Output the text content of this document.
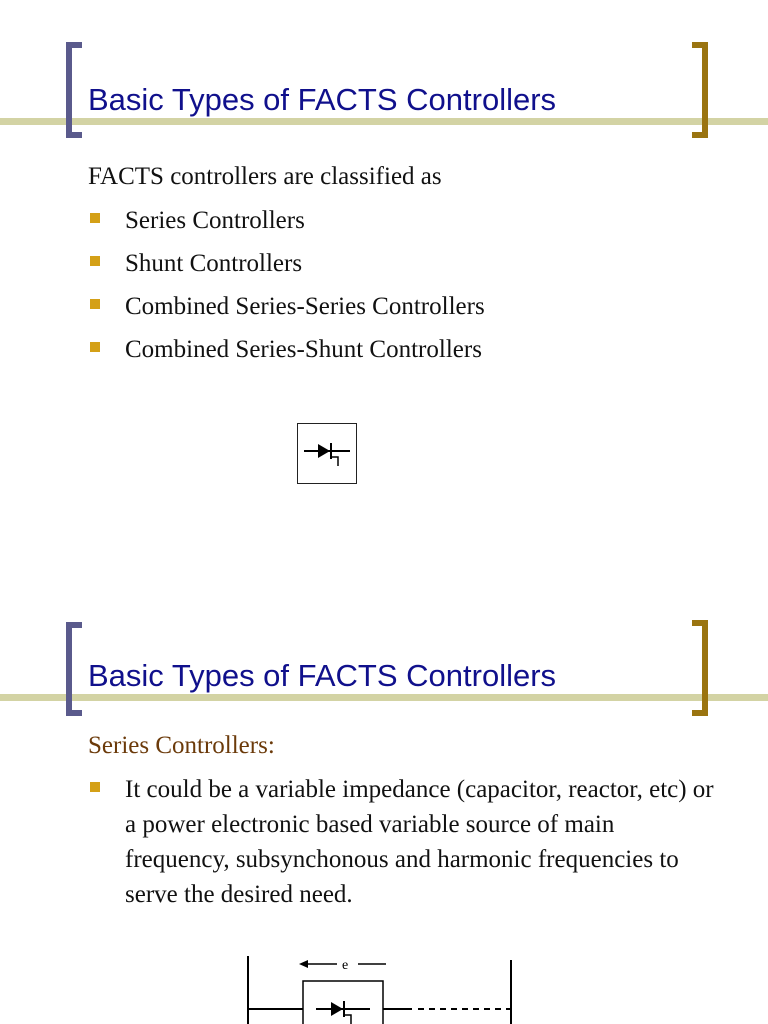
Basic Types of FACTS Controllers

FACTS controllers are classified as

Series Controllers
Shunt Controllers
Combined Series-Series Controllers
Combined Series-Shunt Controllers
Basic Types of FACTS Controllers

Series Controllers:

It could be a variable impedance (capacitor, reactor, etc) or a power electronic based variable source of main frequency, subsynchonous and harmonic frequencies to serve the desired need.
e
